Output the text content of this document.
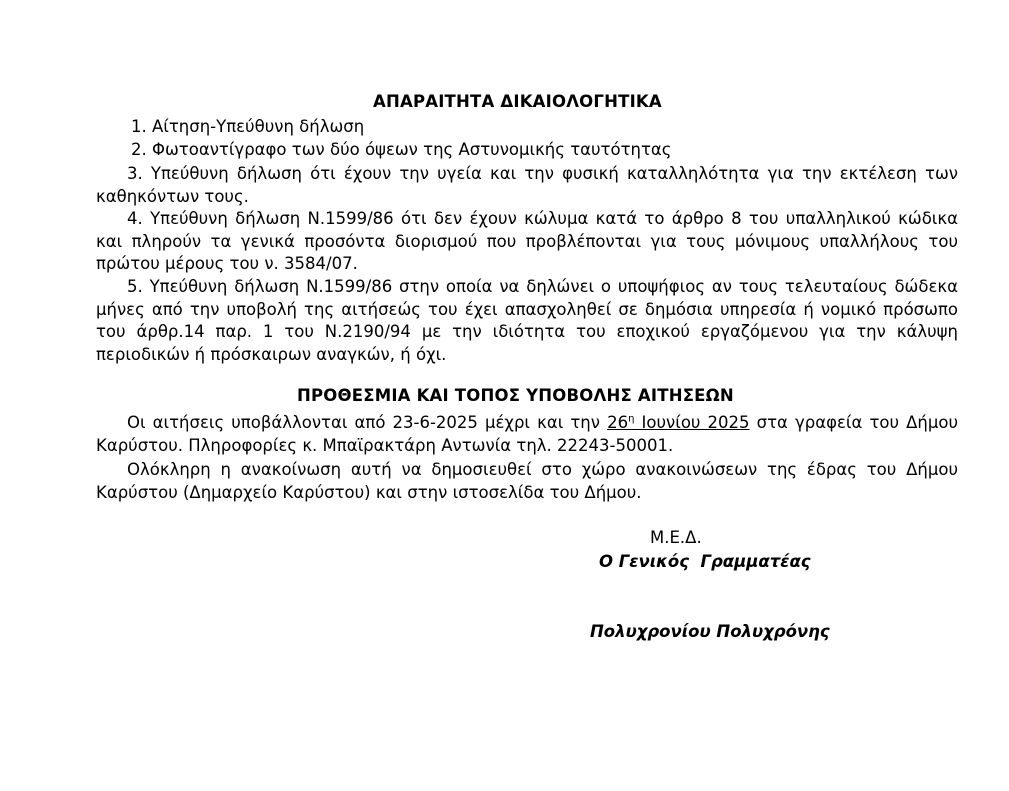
ΑΠΑΡΑΙΤΗΤΑ ΔΙΚΑΙΟΛΟΓΗΤΙΚΑ

1. Αίτηση-Υπεύθυνη δήλωση

2. Φωτοαντίγραφο των δύο όψεων της Αστυνομικής ταυτότητας

3. Υπεύθυνη δήλωση ότι έχουν την υγεία και την φυσική καταλληλότητα για την εκτέλεση των καθηκόντων τους.

4. Υπεύθυνη δήλωση Ν.1599/86 ότι δεν έχουν κώλυμα κατά το άρθρο 8 του υπαλληλικού κώδικα και πληρούν τα γενικά προσόντα διορισμού που προβλέπονται για τους μόνιμους υπαλλήλους του πρώτου μέρους του ν. 3584/07.

5. Υπεύθυνη δήλωση Ν.1599/86 στην οποία να δηλώνει ο υποψήφιος αν τους τελευταίους δώδεκα μήνες από την υποβολή της αιτήσεώς του έχει απασχοληθεί σε δημόσια υπηρεσία ή νομικό πρόσωπο του άρθρ.14 παρ. 1 του Ν.2190/94 με την ιδιότητα του εποχικού εργαζόμενου για την κάλυψη περιοδικών ή πρόσκαιρων αναγκών, ή όχι.

ΠΡΟΘΕΣΜΙΑ ΚΑΙ ΤΟΠΟΣ ΥΠΟΒΟΛΗΣ ΑΙΤΗΣΕΩΝ

Οι αιτήσεις υποβάλλονται από 23-6-2025 μέχρι και την $26^\eta$ Ιουνίου 2025 στα γραφεία του Δήμου Καρύστου. Πληροφορίες κ. Μπαϊρακτάρη Αντωνία τηλ. 22243-50001.

Ολόκληρη η ανακοίνωση αυτή να δημοσιευθεί στο χώρο ανακοινώσεων της έδρας του Δήμου Καρύστου (Δημαρχείο Καρύστου) και στην ιστοσελίδα του Δήμου.

Μ.Ε.Δ.

Ο Γενικός  Γραμματέας

Πολυχρονίου Πολυχρόνης
